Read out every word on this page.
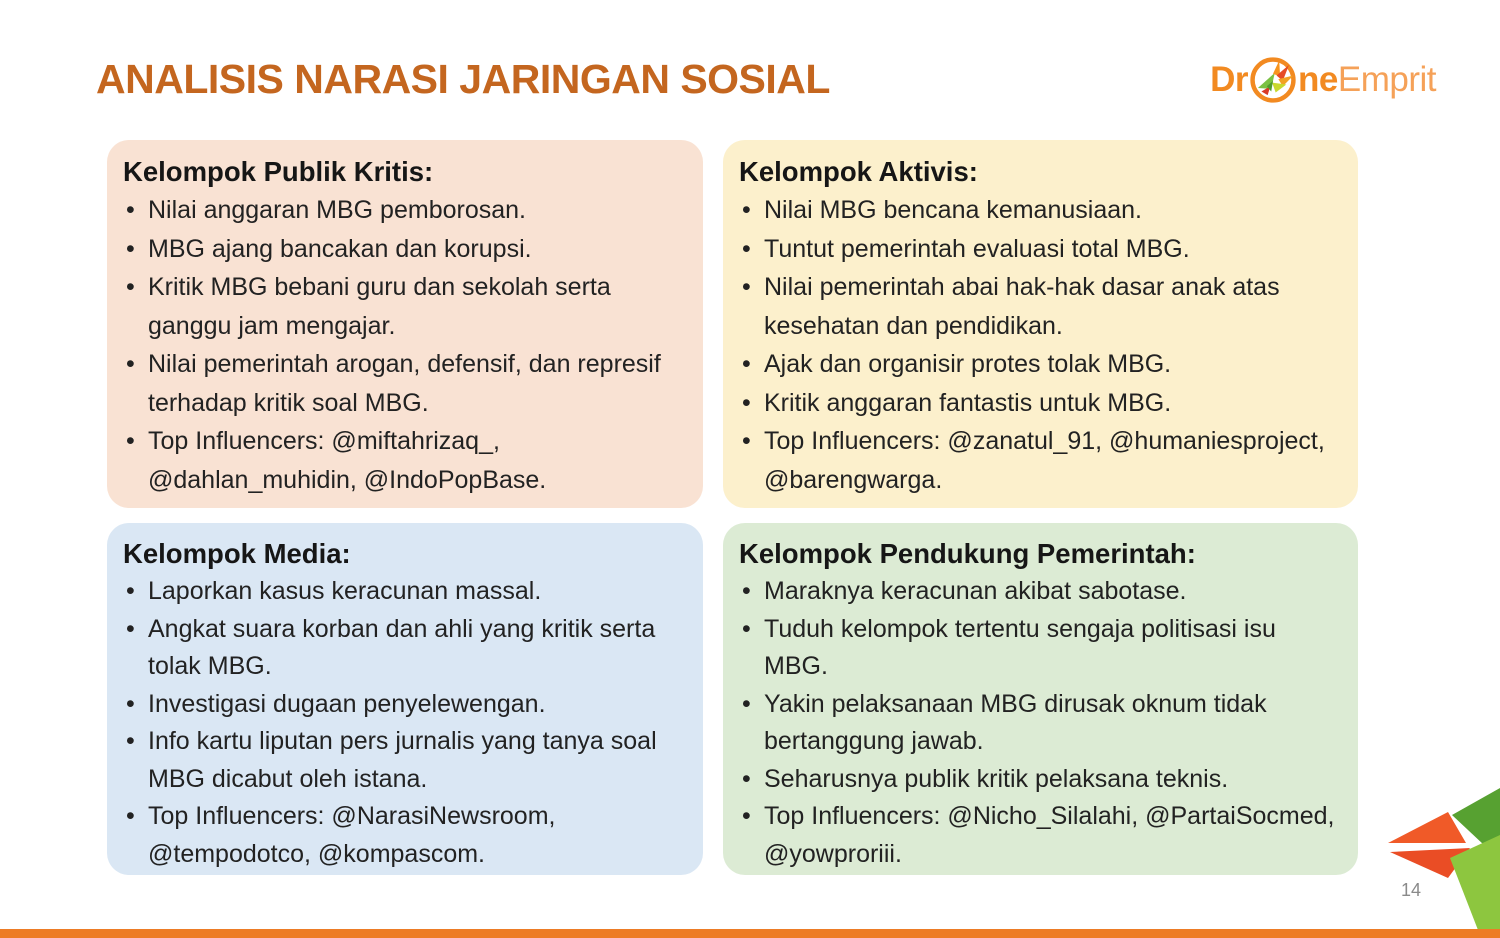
ANALISIS NARASI JARINGAN SOSIAL	Dr ne Emprit
Kelompok Publik Kritis:
• Nilai anggaran MBG pemborosan.
• MBG ajang bancakan dan korupsi.
• Kritik MBG bebani guru dan sekolah serta ganggu jam mengajar.
• Nilai pemerintah arogan, defensif, dan represif terhadap kritik soal MBG.
• Top Influencers: @miftahrizaq_, @dahlan_muhidin, @IndoPopBase.
Kelompok Aktivis:
• Nilai MBG bencana kemanusiaan.
• Tuntut pemerintah evaluasi total MBG.
• Nilai pemerintah abai hak-hak dasar anak atas kesehatan dan pendidikan.
• Ajak dan organisir protes tolak MBG.
• Kritik anggaran fantastis untuk MBG.
• Top Influencers: @zanatul_91, @humaniesproject, @barengwarga.
Kelompok Media:
• Laporkan kasus keracunan massal.
• Angkat suara korban dan ahli yang kritik serta tolak MBG.
• Investigasi dugaan penyelewengan.
• Info kartu liputan pers jurnalis yang tanya soal MBG dicabut oleh istana.
• Top Influencers: @NarasiNewsroom, @tempodotco, @kompascom.
Kelompok Pendukung Pemerintah:
• Maraknya keracunan akibat sabotase.
• Tuduh kelompok tertentu sengaja politisasi isu MBG.
• Yakin pelaksanaan MBG dirusak oknum tidak bertanggung jawab.
• Seharusnya publik kritik pelaksana teknis.
• Top Influencers: @Nicho_Silalahi, @PartaiSocmed, @yowproriii.
14
